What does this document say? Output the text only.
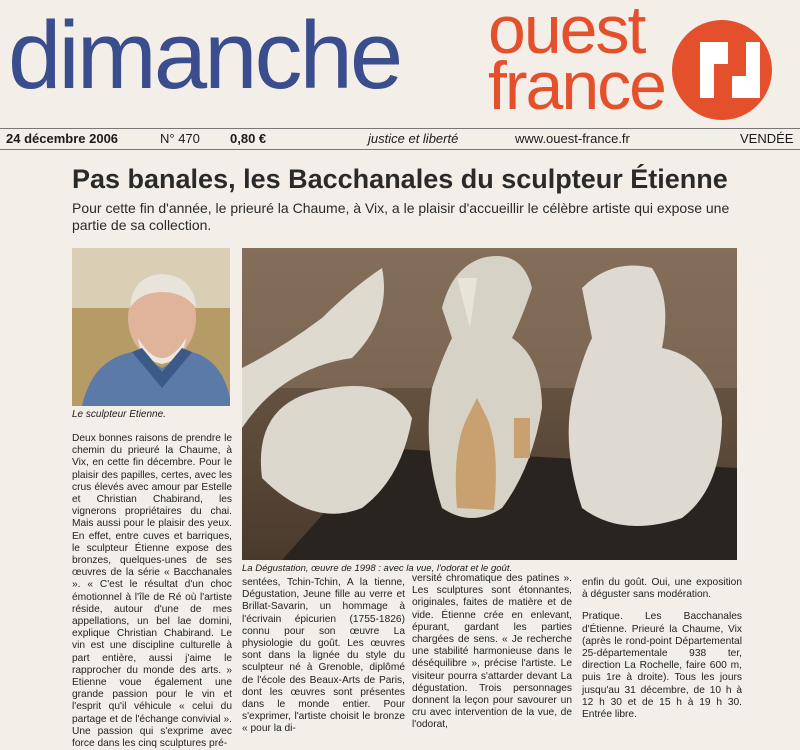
dimanche ouest
france
24 décembre 2006	N° 470 0,80 €	justice et liberté	www.ouest-france.fr	VENDÉE
Pas banales, les Bacchanales du sculpteur Étienne
Pour cette fin d'année, le prieuré la Chaume, à Vix, a le plaisir d'accueillir le célèbre artiste qui expose une partie de sa collection.
Le sculpteur Etienne.
La Dégustation, œuvre de 1998 : avec la vue, l'odorat et le goût.
Deux bonnes raisons de prendre le chemin du prieuré la Chaume, à Vix, en cette fin décembre. Pour le plaisir des papilles, certes, avec les crus élevés avec amour par Estelle et Christian Chabirand, les vignerons propriétaires du chai. Mais aussi pour le plaisir des yeux. En effet, entre cuves et barriques, le sculpteur Étienne expose des bronzes, quelques-unes de ses œuvres de la série « Bacchanales ». « C'est le résultat d'un choc émotionnel à l'île de Ré où l'artiste réside, autour d'une de mes appellations, un bel lae domini, explique Christian Chabirand. Le vin est une discipline culturelle à part entière, aussi j'aime le rapprocher du monde des arts. » Etienne voue également une grande passion pour le vin et l'esprit qu'il véhicule « celui du partage et de l'échange convivial ». Une passion qui s'exprime avec force dans les cinq sculptures pré-
sentées, Tchin-Tchin, A la tienne, Dégustation, Jeune fille au verre et Brillat-Savarin, un hommage à l'écrivain épicurien (1755-1826) connu pour son œuvre La physiologie du goût. Les œuvres sont dans la lignée du style du sculpteur né à Grenoble, diplômé de l'école des Beaux-Arts de Paris, dont les œuvres sont présentes dans le monde entier. Pour s'exprimer, l'artiste choisit le bronze « pour la di-
versité chromatique des patines ». Les sculptures sont étonnantes, originales, faites de matière et de vide. Étienne crée en enlevant, épurant, gardant les parties chargées de sens. « Je recherche une stabilité harmonieuse dans le déséquilibre », précise l'artiste. Le visiteur pourra s'attarder devant La dégustation. Trois personnages donnent la leçon pour savourer un cru avec intervention de la vue, de l'odorat,

enfin du goût. Oui, une exposition à déguster sans modération.

Pratique. Les Bacchanales d'Étienne. Prieuré la Chaume, Vix (après le rond-point Départemental 25-départementale 938 ter, direction La Rochelle, faire 600 m, puis 1re à droite). Tous les jours jusqu'au 31 décembre, de 10 h à 12 h 30 et de 15 h à 19 h 30. Entrée libre.
